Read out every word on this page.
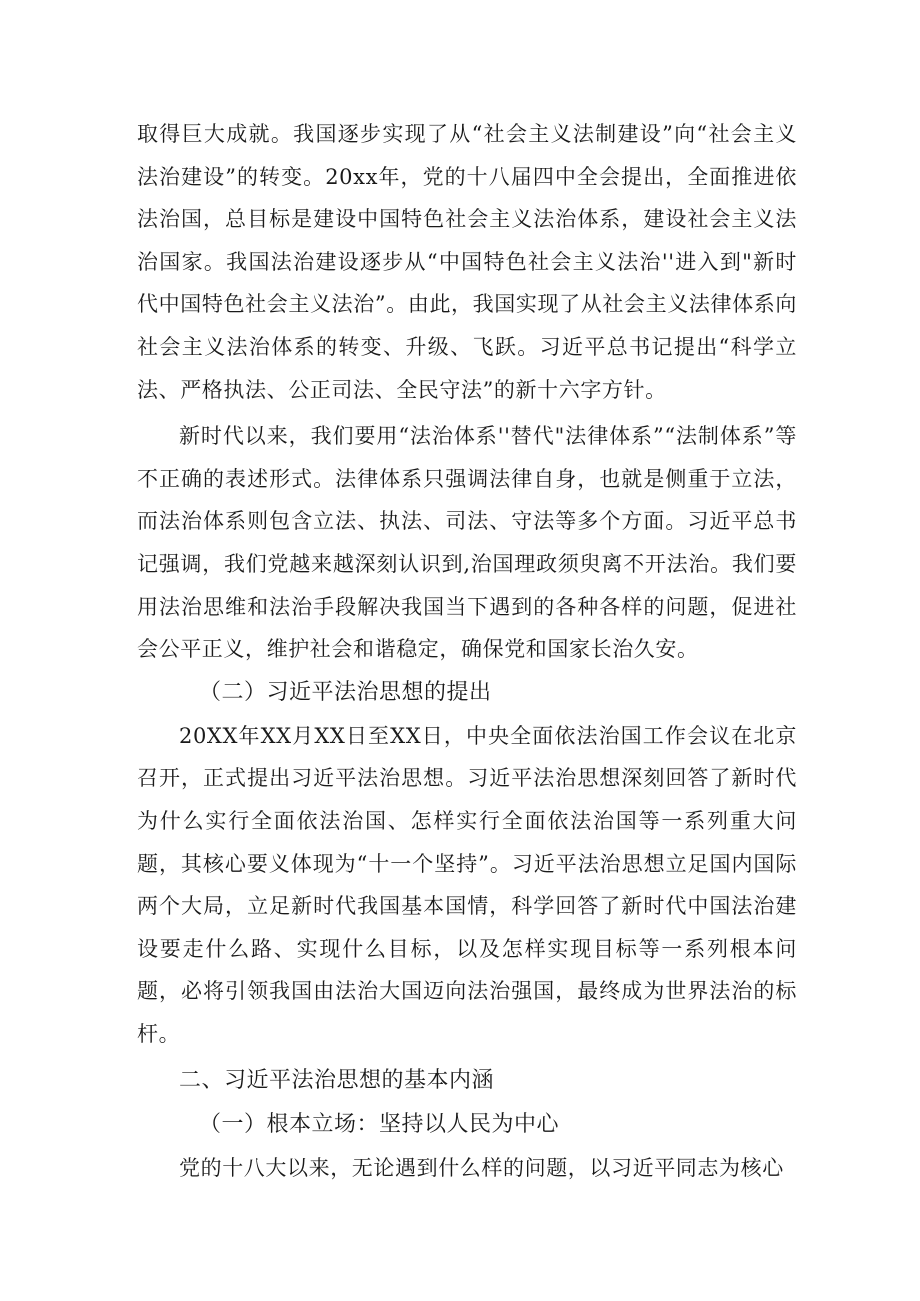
取得巨大成就。我国逐步实现了从“社会主义法制建设”向“社会主义法治建设”的转变。20xx年，党的十八届四中全会提出，全面推进依法治国，总目标是建设中国特色社会主义法治体系，建设社会主义法治国家。我国法治建设逐步从“中国特色社会主义法治''进入到"新时代中国特色社会主义法治”。由此，我国实现了从社会主义法律体系向社会主义法治体系的转变、升级、飞跃。习近平总书记提出“科学立法、严格执法、公正司法、全民守法”的新十六字方针。

新时代以来，我们要用“法治体系''替代"法律体系”“法制体系”等不正确的表述形式。法律体系只强调法律自身，也就是侧重于立法，而法治体系则包含立法、执法、司法、守法等多个方面。习近平总书记强调，我们党越来越深刻认识到,治国理政须臾离不开法治。我们要用法治思维和法治手段解决我国当下遇到的各种各样的问题，促进社会公平正义，维护社会和谐稳定，确保党和国家长治久安。

（二）习近平法治思想的提出

20XX年XX月XX日至XX日，中央全面依法治国工作会议在北京召开，正式提出习近平法治思想。习近平法治思想深刻回答了新时代为什么实行全面依法治国、怎样实行全面依法治国等一系列重大问题，其核心要义体现为“十一个坚持”。习近平法治思想立足国内国际两个大局，立足新时代我国基本国情，科学回答了新时代中国法治建设要走什么路、实现什么目标，以及怎样实现目标等一系列根本问题，必将引领我国由法治大国迈向法治强国，最终成为世界法治的标杆。

二、习近平法治思想的基本内涵
（一）根本立场：坚持以人民为中心

党的十八大以来，无论遇到什么样的问题，以习近平同志为核心
